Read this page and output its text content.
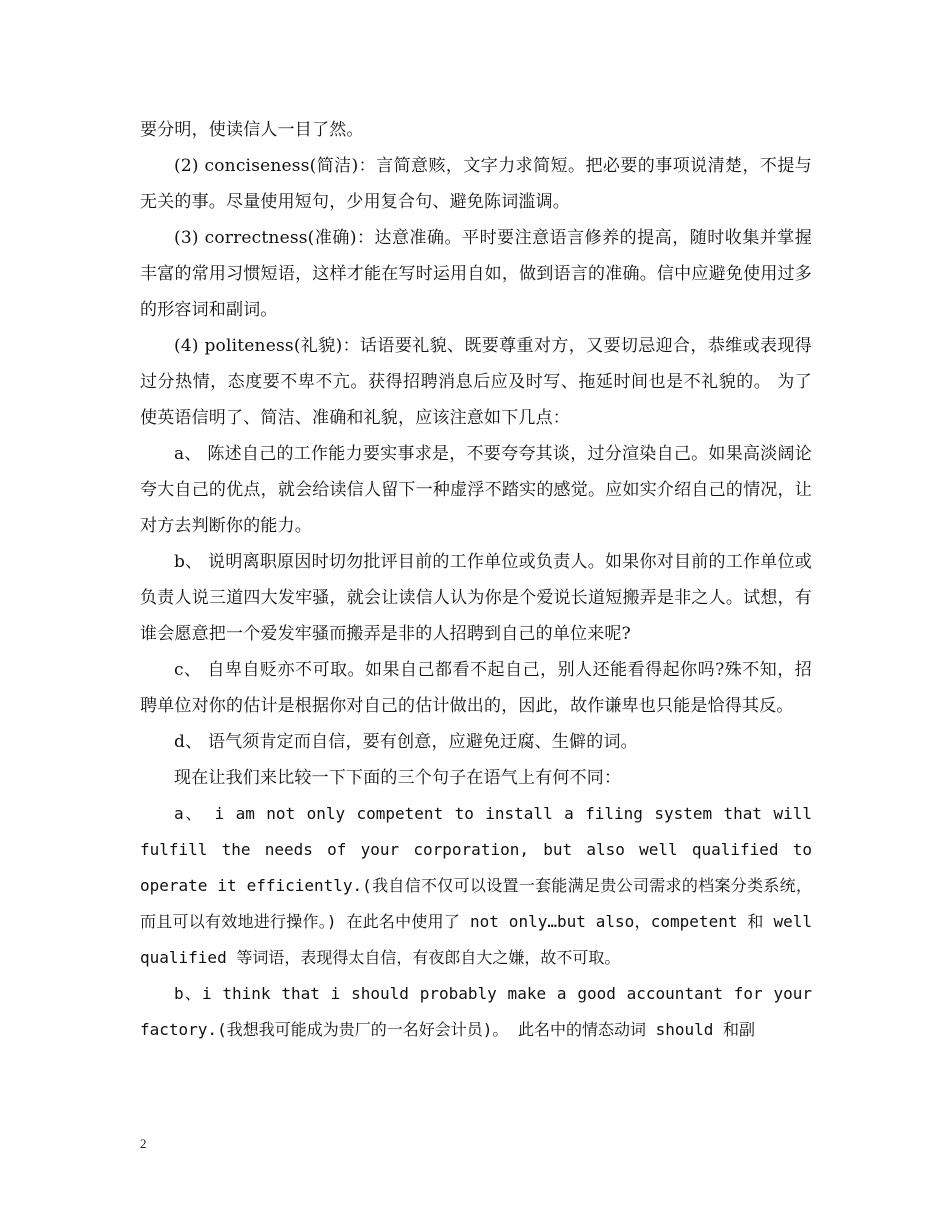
要分明，使读信人一目了然。

(2) conciseness(简洁)：言简意赅，文字力求简短。把必要的事项说清楚，不提与无关的事。尽量使用短句，少用复合句、避免陈词滥调。

(3) correctness(准确)：达意准确。平时要注意语言修养的提高，随时收集并掌握丰富的常用习惯短语，这样才能在写时运用自如，做到语言的准确。信中应避免使用过多的形容词和副词。

(4) politeness(礼貌)：话语要礼貌、既要尊重对方，又要切忌迎合，恭维或表现得过分热情，态度要不卑不亢。获得招聘消息后应及时写、拖延时间也是不礼貌的。 为了使英语信明了、简洁、准确和礼貌，应该注意如下几点：

a、 陈述自己的工作能力要实事求是，不要夸夸其谈，过分渲染自己。如果高淡阔论夸大自己的优点，就会给读信人留下一种虚浮不踏实的感觉。应如实介绍自己的情况，让对方去判断你的能力。

b、 说明离职原因时切勿批评目前的工作单位或负责人。如果你对目前的工作单位或负责人说三道四大发牢骚，就会让读信人认为你是个爱说长道短搬弄是非之人。试想，有谁会愿意把一个爱发牢骚而搬弄是非的人招聘到自己的单位来呢?

c、 自卑自贬亦不可取。如果自己都看不起自己，别人还能看得起你吗?殊不知，招聘单位对你的估计是根据你对自己的估计做出的，因此，故作谦卑也只能是恰得其反。

d、 语气须肯定而自信，要有创意，应避免迂腐、生僻的词。

现在让我们来比较一下下面的三个句子在语气上有何不同：

a、 i am not only competent to install a filing system that will fulfill the needs of your corporation, but also well qualified to operate it efficiently.(我自信不仅可以设置一套能满足贵公司需求的档案分类系统，而且可以有效地进行操作。) 在此名中使用了 not only…but also，competent 和 well qualified 等词语，表现得太自信，有夜郎自大之嫌，故不可取。

b、i think that i should probably make a good accountant for your factory.(我想我可能成为贵厂的一名好会计员)。 此名中的情态动词 should 和副

2
